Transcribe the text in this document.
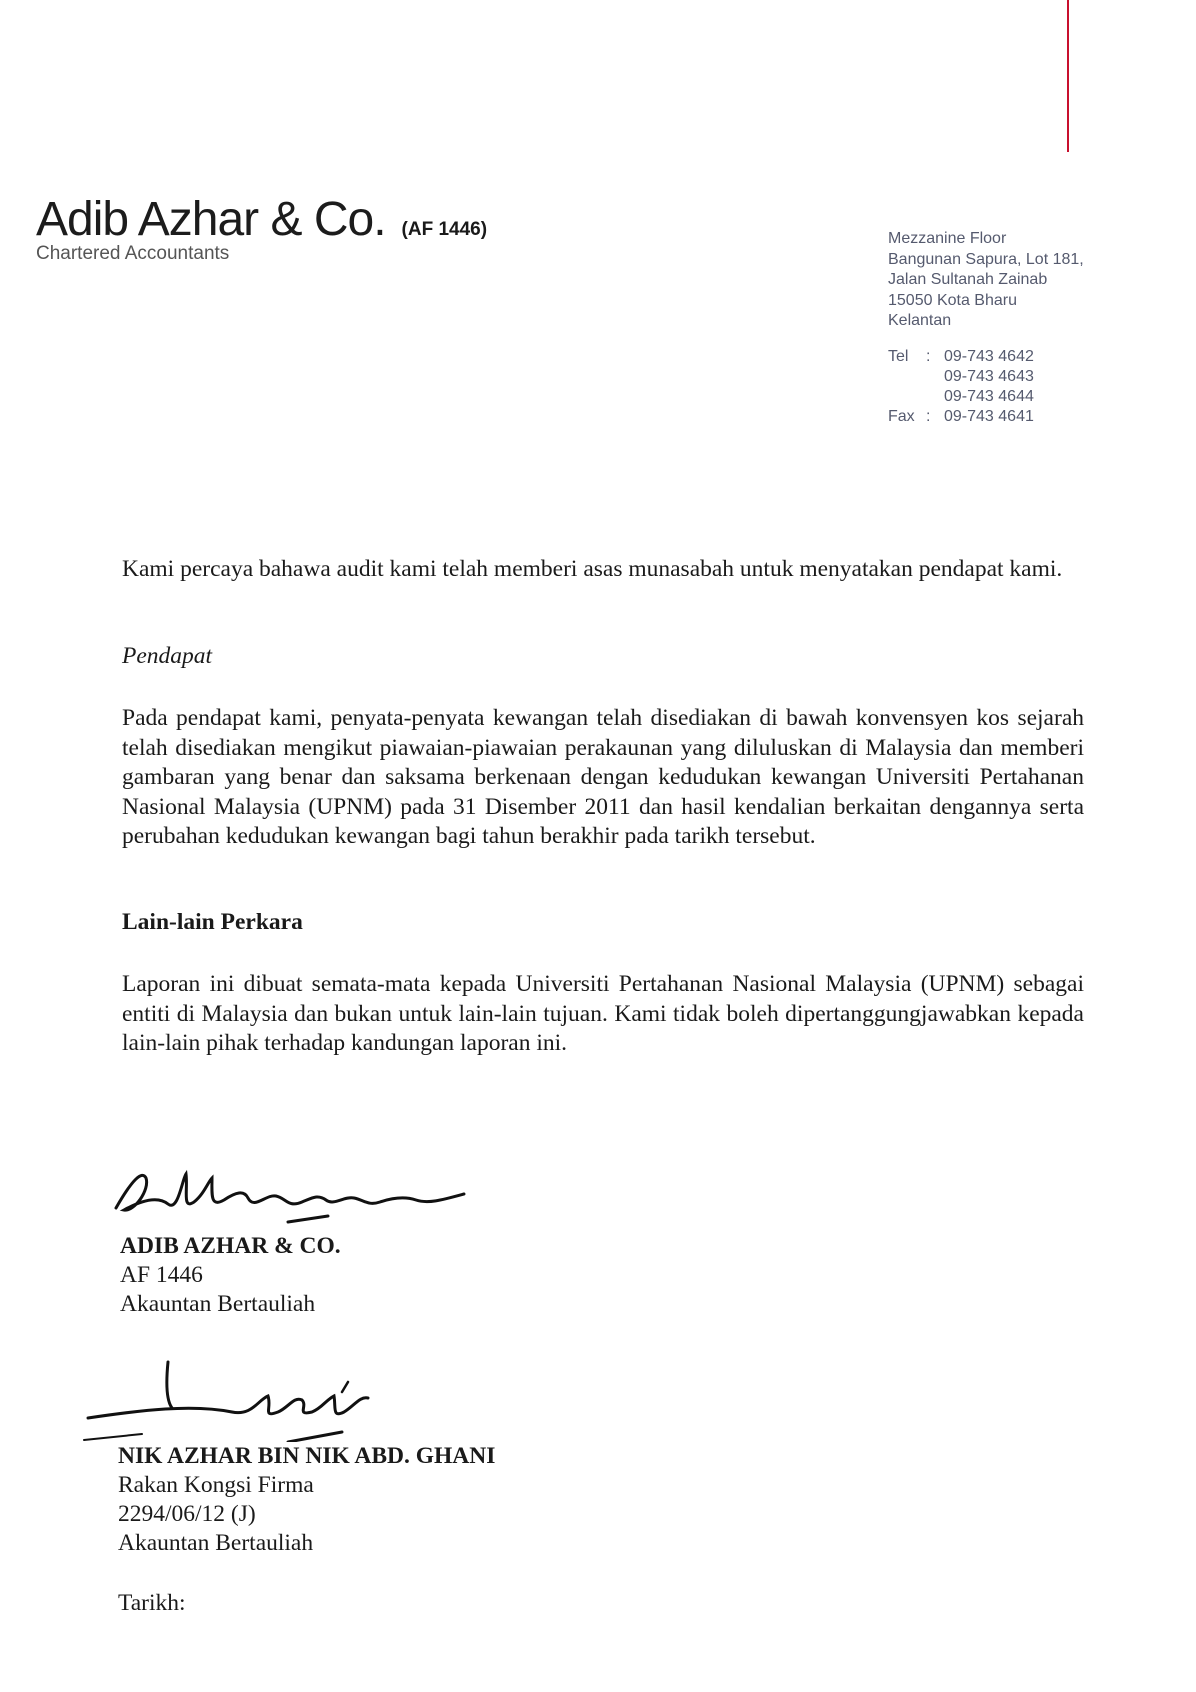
Adib Azhar & Co. (AF 1446)
Chartered Accountants
Mezzanine Floor
Bangunan Sapura, Lot 181,
Jalan Sultanah Zainab
15050 Kota Bharu
Kelantan
Tel	: 09-743 4642
09-743 4643
09-743 4644
Fax : 09-743 4641

Kami percaya bahawa audit kami telah memberi asas munasabah untuk menyatakan pendapat kami.

Pendapat

Pada pendapat kami, penyata-penyata kewangan telah disediakan di bawah konvensyen kos sejarah telah disediakan mengikut piawaian-piawaian perakaunan yang diluluskan di Malaysia dan memberi gambaran yang benar dan saksama berkenaan dengan kedudukan kewangan Universiti Pertahanan Nasional Malaysia (UPNM) pada 31 Disember 2011 dan hasil kendalian berkaitan dengannya serta perubahan kedudukan kewangan bagi tahun berakhir pada tarikh tersebut.

Lain-lain Perkara

Laporan ini dibuat semata-mata kepada Universiti Pertahanan Nasional Malaysia (UPNM) sebagai entiti di Malaysia dan bukan untuk lain-lain tujuan. Kami tidak boleh dipertanggungjawabkan kepada lain-lain pihak terhadap kandungan laporan ini.

ADIB AZHAR & CO.
AF 1446
Akauntan Bertauliah
NIK AZHAR BIN NIK ABD. GHANI
Rakan Kongsi Firma
2294/06/12 (J)
Akauntan Bertauliah
Tarikh:
